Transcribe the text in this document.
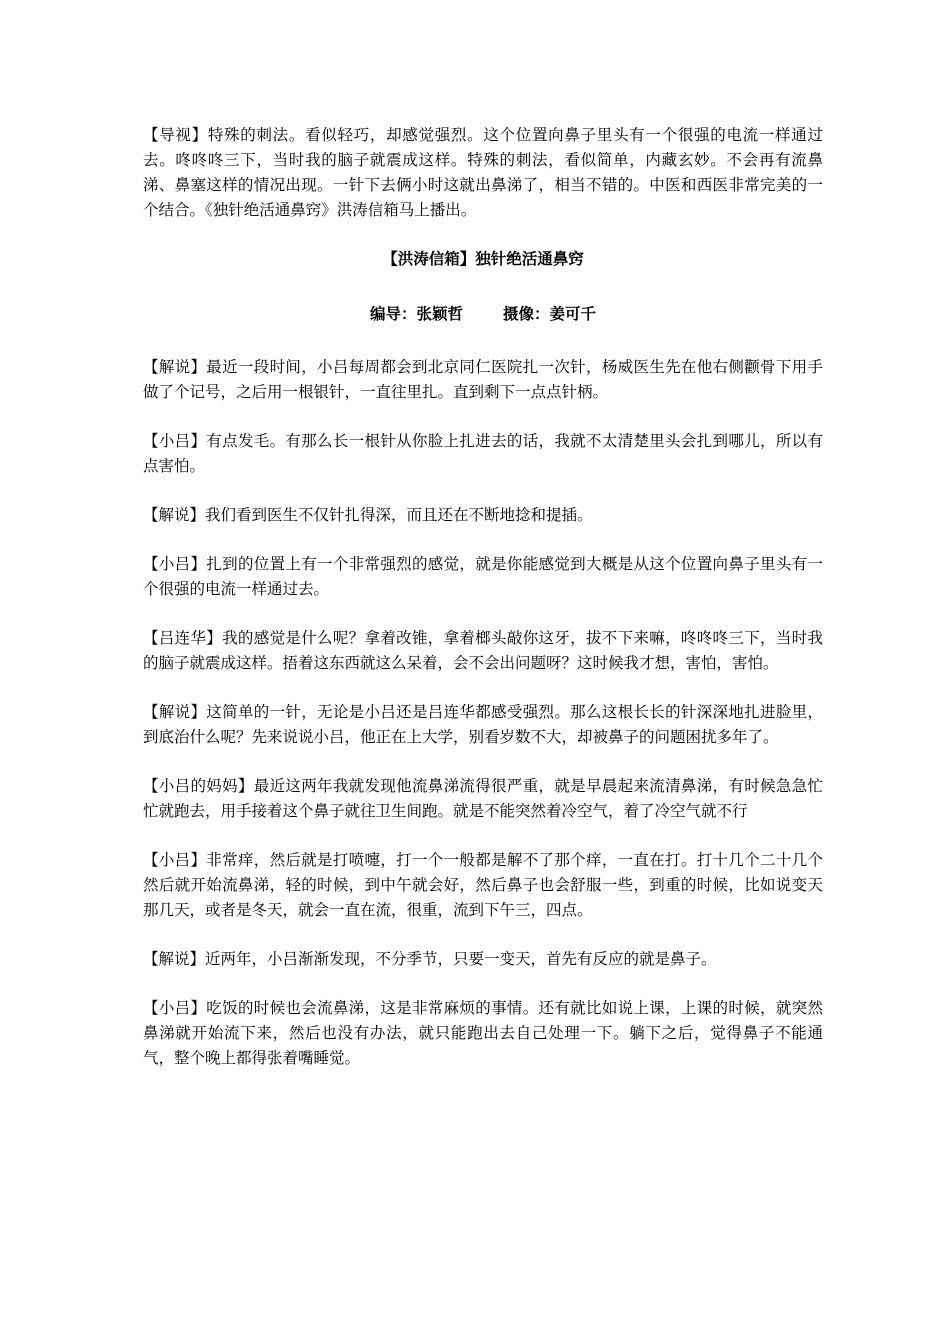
【导视】特殊的刺法。看似轻巧，却感觉强烈。这个位置向鼻子里头有一个很强的电流一样通过去。咚咚咚三下，当时我的脑子就震成这样。特殊的刺法，看似简单，内藏玄妙。不会再有流鼻涕、鼻塞这样的情况出现。一针下去俩小时这就出鼻涕了，相当不错的。中医和西医非常完美的一个结合。《独针绝活通鼻窍》洪涛信箱马上播出。

【洪涛信箱】独针绝活通鼻窍
编导：张颖哲	摄像：姜可千

【解说】最近一段时间，小吕每周都会到北京同仁医院扎一次针，杨威医生先在他右侧颧骨下用手做了个记号，之后用一根银针，一直往里扎。直到剩下一点点针柄。

【小吕】有点发毛。有那么长一根针从你脸上扎进去的话，我就不太清楚里头会扎到哪儿，所以有点害怕。

【解说】我们看到医生不仅针扎得深，而且还在不断地捻和提插。

【小吕】扎到的位置上有一个非常强烈的感觉，就是你能感觉到大概是从这个位置向鼻子里头有一个很强的电流一样通过去。

【吕连华】我的感觉是什么呢？拿着改锥，拿着榔头敲你这牙，拔不下来嘛，咚咚咚三下，当时我的脑子就震成这样。捂着这东西就这么呆着，会不会出问题呀？这时候我才想，害怕，害怕。

【解说】这简单的一针，无论是小吕还是吕连华都感受强烈。那么这根长长的针深深地扎进脸里，到底治什么呢？先来说说小吕，他正在上大学，别看岁数不大，却被鼻子的问题困扰多年了。

【小吕的妈妈】最近这两年我就发现他流鼻涕流得很严重，就是早晨起来流清鼻涕，有时候急急忙忙就跑去，用手接着这个鼻子就往卫生间跑。就是不能突然着冷空气，着了冷空气就不行

【小吕】非常痒，然后就是打喷嚏，打一个一般都是解不了那个痒，一直在打。打十几个二十几个然后就开始流鼻涕，轻的时候，到中午就会好，然后鼻子也会舒服一些，到重的时候，比如说变天那几天，或者是冬天，就会一直在流，很重，流到下午三，四点。

【解说】近两年，小吕渐渐发现，不分季节，只要一变天，首先有反应的就是鼻子。

【小吕】吃饭的时候也会流鼻涕，这是非常麻烦的事情。还有就比如说上课，上课的时候，就突然鼻涕就开始流下来，然后也没有办法，就只能跑出去自己处理一下。躺下之后，觉得鼻子不能通气，整个晚上都得张着嘴睡觉。
